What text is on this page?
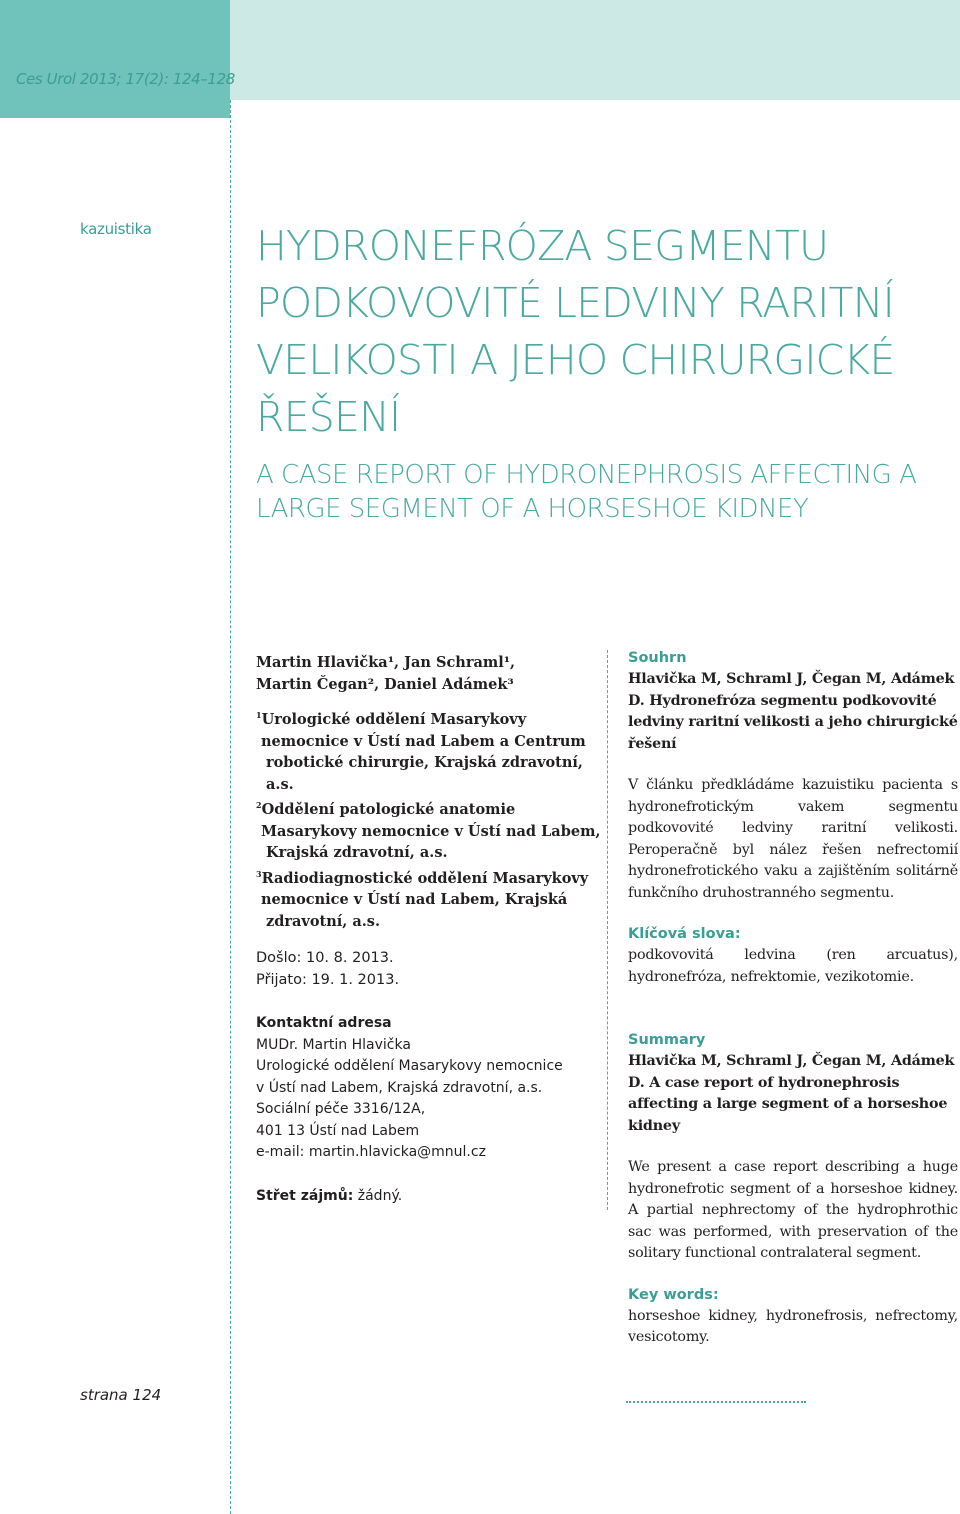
Ces Urol 2013; 17(2): 124–128
kazuistika	HYDRONEFRÓZA SEGMENTU PODKOVOVITÉ LEDVINY RARITNÍ VELIKOSTI A JEHO CHIRURGICKÉ ŘEŠENÍ
A CASE REPORT OF HYDRONEPHROSIS AFFECTING A LARGE SEGMENT OF A HORSESHOE KIDNEY
Martin Hlavička¹, Jan Schraml¹,
Martin Čegan², Daniel Adámek³
$^1$Urologické oddělení Masarykovy
nemocnice v Ústí nad Labem a Centrum robotické chirurgie, Krajská zdravotní, a.s.
$^2$Oddělení patologické anatomie
Masarykovy nemocnice v Ústí nad Labem, Krajská zdravotní, a.s.
$^3$Radiodiagnostické oddělení Masarykovy
nemocnice v Ústí nad Labem, Krajská zdravotní, a.s.
Došlo: 10. 8. 2013.
Přijato: 19. 1. 2013.
Kontaktní adresa
MUDr. Martin Hlavička
Urologické oddělení Masarykovy nemocnice
v Ústí nad Labem, Krajská zdravotní, a.s.
Sociální péče 3316/12A,
401 13 Ústí nad Labem
e-mail: martin.hlavicka@mnul.cz
Střet zájmů: žádný.
Souhrn
Hlavička M, Schraml J, Čegan M, Adámek D. Hydronefróza segmentu podkovovité ledviny raritní velikosti a jeho chirurgické řešení
V článku předkládáme kazuistiku pacienta s hydronefrotickým vakem segmentu podkovovité ledviny raritní velikosti. Peroperačně byl nález řešen nefrectomií hydronefrotického vaku a zajištěním solitárně funkčního druhostranného segmentu.
Klíčová slova:
podkovovitá ledvina (ren arcuatus), hydronefróza, nefrektomie, vezikotomie.
Summary
Hlavička M, Schraml J, Čegan M, Adámek D. A case report of hydronephrosis affecting a large segment of a horseshoe kidney
We present a case report describing a huge hydronefrotic segment of a horseshoe kidney. A partial nephrectomy of the hydrophrothic sac was performed, with preservation of the solitary functional contralateral segment.
Key words:
horseshoe kidney, hydronefrosis, nefrectomy, vesicotomy.
strana 124
